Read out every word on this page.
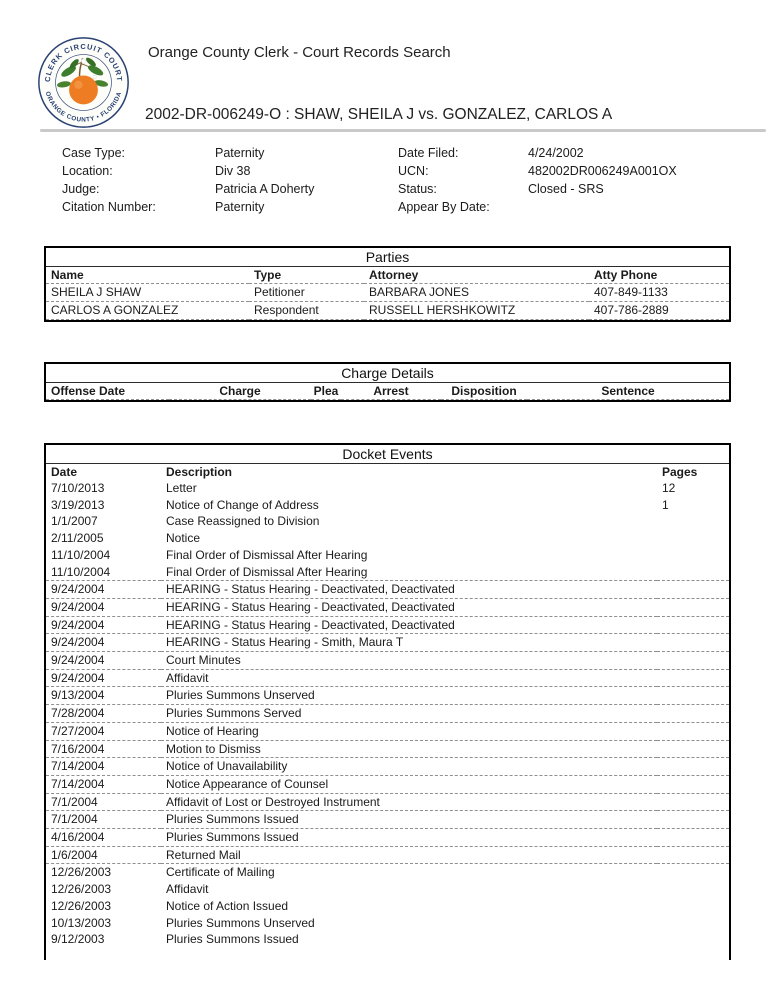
CLERK CIRCUIT COURT
ORANGE COUNTY • FLORIDA
Orange County Clerk - Court Records Search
2002-DR-006249-O : SHAW, SHEILA J vs. GONZALEZ, CARLOS A
Case Type:	Paternity	Date Filed:	4/24/2002
Location:	Div 38	UCN:	482002DR006249A001OX
Judge:	Patricia A Doherty	Status:	Closed - SRS
Citation Number:	Paternity	Appear By Date:
Parties
Name	Type	Attorney	Atty Phone
SHEILA J SHAW	Petitioner	BARBARA JONES	407-849-1133
CARLOS A GONZALEZ	Respondent	RUSSELL HERSHKOWITZ	407-786-2889
Charge Details
Offense Date	Charge	Plea	Arrest	Disposition	Sentence
Docket Events
Date	Description	Pages
7/10/2013	Letter	12
3/19/2013	Notice of Change of Address	1
1/1/2007	Case Reassigned to Division	
2/11/2005	Notice	
11/10/2004	Final Order of Dismissal After Hearing	
11/10/2004	Final Order of Dismissal After Hearing	
9/24/2004	HEARING - Status Hearing - Deactivated, Deactivated	
9/24/2004	HEARING - Status Hearing - Deactivated, Deactivated	
9/24/2004	HEARING - Status Hearing - Deactivated, Deactivated	
9/24/2004	HEARING - Status Hearing - Smith, Maura T	
9/24/2004	Court Minutes	
9/24/2004	Affidavit	
9/13/2004	Pluries Summons Unserved	
7/28/2004	Pluries Summons Served	
7/27/2004	Notice of Hearing	
7/16/2004	Motion to Dismiss	
7/14/2004	Notice of Unavailability	
7/14/2004	Notice Appearance of Counsel	
7/1/2004	Affidavit of Lost or Destroyed Instrument	
7/1/2004	Pluries Summons Issued	
4/16/2004	Pluries Summons Issued	
1/6/2004	Returned Mail	
12/26/2003	Certificate of Mailing	
12/26/2003	Affidavit	
12/26/2003	Notice of Action Issued	
10/13/2003	Pluries Summons Unserved	
9/12/2003	Pluries Summons Issued	
